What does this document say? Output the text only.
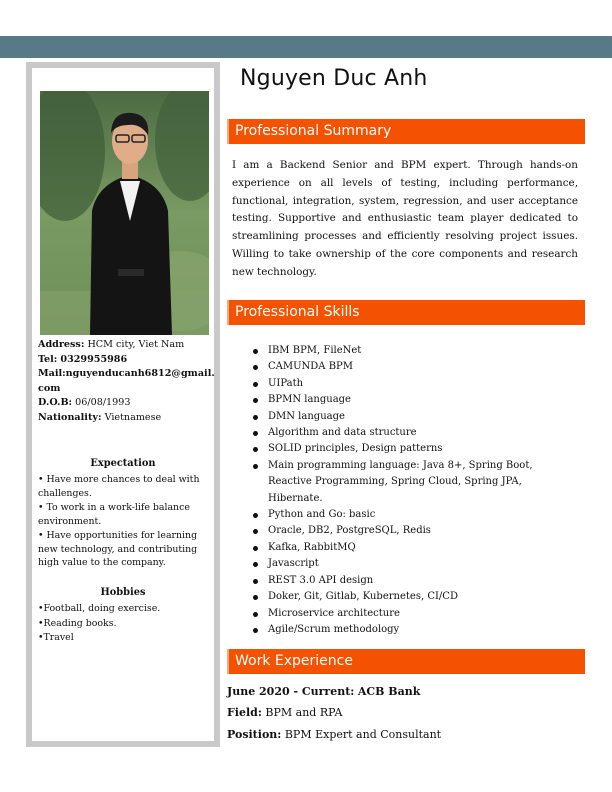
Address: HCM city, Viet Nam
Tel: 0329955986
Mail:nguyenducanh6812@gmail.
com
D.O.B: 06/08/1993
Nationality: Vietnamese
Expectation
• Have more chances to deal with challenges.
• To work in a work-life balance environment.
• Have opportunities for learning new technology, and contributing high value to the company.
Hobbies
•Football, doing exercise.
•Reading books.
•Travel
Nguyen Duc Anh
Professional Summary
I am a Backend Senior and BPM expert. Through hands-on experience on all levels of testing, including performance, functional, integration, system, regression, and user acceptance testing. Supportive and enthusiastic team player dedicated to streamlining processes and efficiently resolving project issues. Willing to take ownership of the core components and research new technology.
Professional Skills
IBM BPM, FileNet
CAMUNDA BPM
UIPath
BPMN language
DMN language
Algorithm and data structure
SOLID principles, Design patterns
Main programming language: Java 8+, Spring Boot, Reactive Programming, Spring Cloud, Spring JPA, Hibernate.
Python and Go: basic
Oracle, DB2, PostgreSQL, Redis
Kafka, RabbitMQ
Javascript
REST 3.0 API design
Doker, Git, Gitlab, Kubernetes, CI/CD
Microservice architecture
Agile/Scrum methodology
Work Experience
June 2020 - Current: ACB Bank
Field: BPM and RPA
Position: BPM Expert and Consultant
